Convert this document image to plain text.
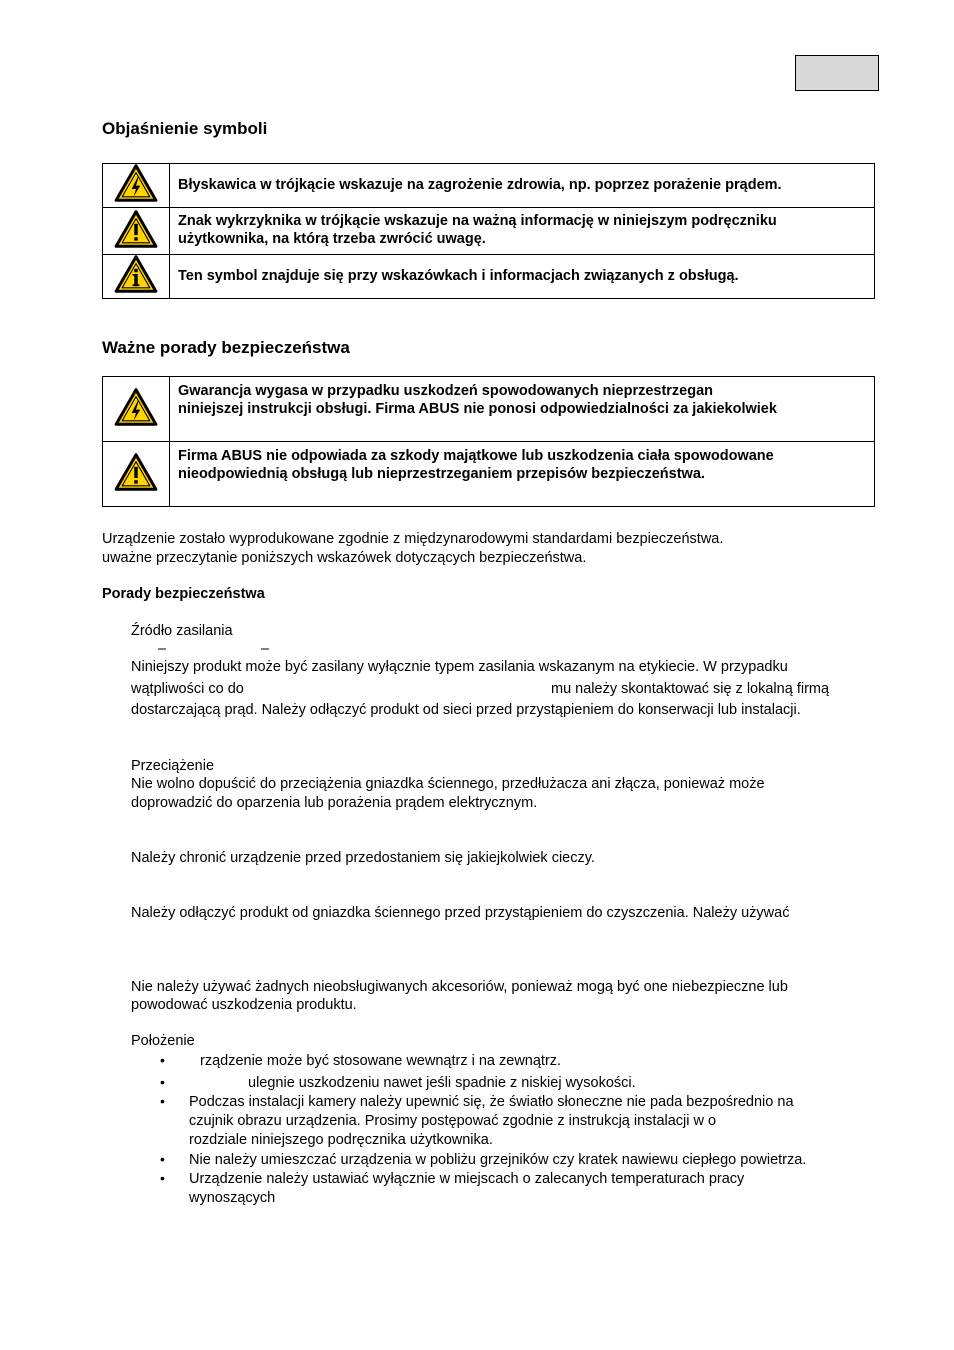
Objaśnienie symboli
	Błyskawica w trójkącie wskazuje na zagrożenie zdrowia, np. poprzez porażenie prądem.
	Znak wykrzyknika w trójkącie wskazuje na ważną informację w niniejszym podręczniku użytkownika, na którą trzeba zwrócić uwagę.
	Ten symbol znajduje się przy wskazówkach i informacjach związanych z obsługą.
Ważne porady bezpieczeństwa

Gwarancja wygasa w przypadku uszkodzeń spowodowanych nieprzestrzegan
niniejszej instrukcji obsługi. Firma ABUS nie ponosi odpowiedzialności za jakiekolwiek

Firma ABUS nie odpowiada za szkody majątkowe lub uszkodzenia ciała spowodowane
nieodpowiednią obsługą lub nieprzestrzeganiem przepisów bezpieczeństwa.
Urządzenie zostało wyprodukowane zgodnie z międzynarodowymi standardami bezpieczeństwa.
uważne przeczytanie poniższych wskazówek dotyczących bezpieczeństwa.
Porady bezpieczeństwa
Źródło zasilania
–	–
Niniejszy produkt może być zasilany wyłącznie typem zasilania wskazanym na etykiecie. W przypadku
wątpliwości co do	mu należy skontaktować się z lokalną firmą
dostarczającą prąd. Należy odłączyć produkt od sieci przed przystąpieniem do konserwacji lub instalacji.
Przeciążenie
Nie wolno dopuścić do przeciążenia gniazdka ściennego, przedłużacza ani złącza, ponieważ może
doprowadzić do oparzenia lub porażenia prądem elektrycznym.
Należy chronić urządzenie przed przedostaniem się jakiejkolwiek cieczy.
Należy odłączyć produkt od gniazdka ściennego przed przystąpieniem do czyszczenia. Należy używać
Nie należy używać żadnych nieobsługiwanych akcesoriów, ponieważ mogą być one niebezpieczne lub
powodować uszkodzenia produktu.
Położenie
• rządzenie może być stosowane wewnątrz i na zewnątrz.
•	ulegnie uszkodzeniu nawet jeśli spadnie z niskiej wysokości.
• Podczas instalacji kamery należy upewnić się, że światło słoneczne nie pada bezpośrednio na
czujnik obrazu urządzenia. Prosimy postępować zgodnie z instrukcją instalacji w o
rozdziale niniejszego podręcznika użytkownika.
• Nie należy umieszczać urządzenia w pobliżu grzejników czy kratek nawiewu ciepłego powietrza.
• Urządzenie należy ustawiać wyłącznie w miejscach o zalecanych temperaturach pracy
wynoszących
